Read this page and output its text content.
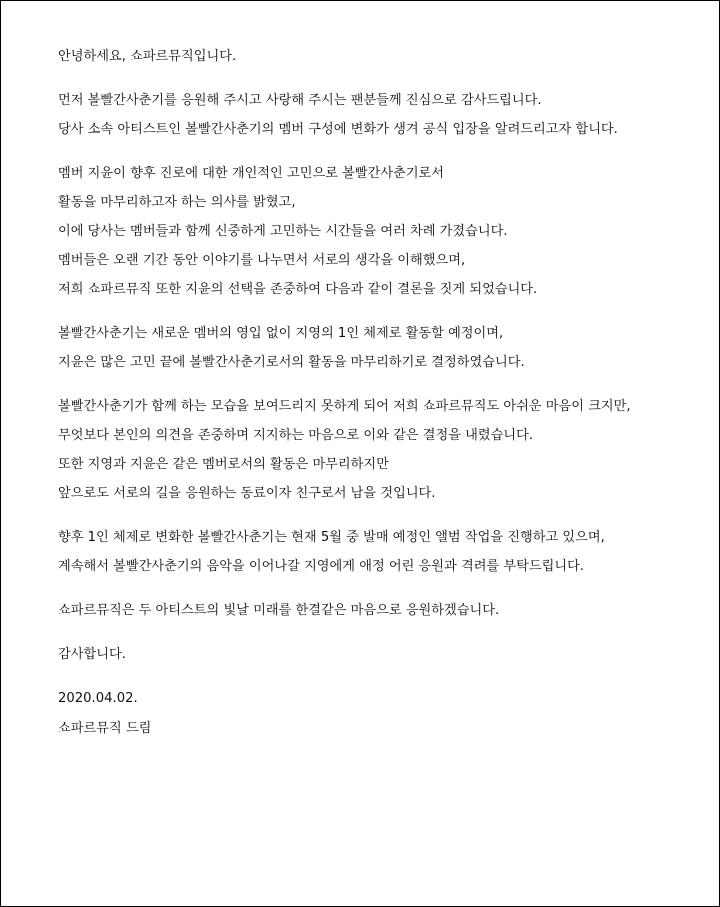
안녕하세요, 쇼파르뮤직입니다.
먼저 볼빨간사춘기를 응원해 주시고 사랑해 주시는 팬분들께 진심으로 감사드립니다.
당사 소속 아티스트인 볼빨간사춘기의 멤버 구성에 변화가 생겨 공식 입장을 알려드리고자 합니다.
멤버 지윤이 향후 진로에 대한 개인적인 고민으로 볼빨간사춘기로서
활동을 마무리하고자 하는 의사를 밝혔고,
이에 당사는 멤버들과 함께 신중하게 고민하는 시간들을 여러 차례 가졌습니다.
멤버들은 오랜 기간 동안 이야기를 나누면서 서로의 생각을 이해했으며,
저희 쇼파르뮤직 또한 지윤의 선택을 존중하여 다음과 같이 결론을 짓게 되었습니다.
볼빨간사춘기는 새로운 멤버의 영입 없이 지영의 1인 체제로 활동할 예정이며,
지윤은 많은 고민 끝에 볼빨간사춘기로서의 활동을 마무리하기로 결정하였습니다.
볼빨간사춘기가 함께 하는 모습을 보여드리지 못하게 되어 저희 쇼파르뮤직도 아쉬운 마음이 크지만,
무엇보다 본인의 의견을 존중하며 지지하는 마음으로 이와 같은 결정을 내렸습니다.
또한 지영과 지윤은 같은 멤버로서의 활동은 마무리하지만
앞으로도 서로의 길을 응원하는 동료이자 친구로서 남을 것입니다.
향후 1인 체제로 변화한 볼빨간사춘기는 현재 5월 중 발매 예정인 앨범 작업을 진행하고 있으며,
계속해서 볼빨간사춘기의 음악을 이어나갈 지영에게 애정 어린 응원과 격려를 부탁드립니다.
쇼파르뮤직은 두 아티스트의 빛날 미래를 한결같은 마음으로 응원하겠습니다.
감사합니다.
2020.04.02.
쇼파르뮤직 드림
